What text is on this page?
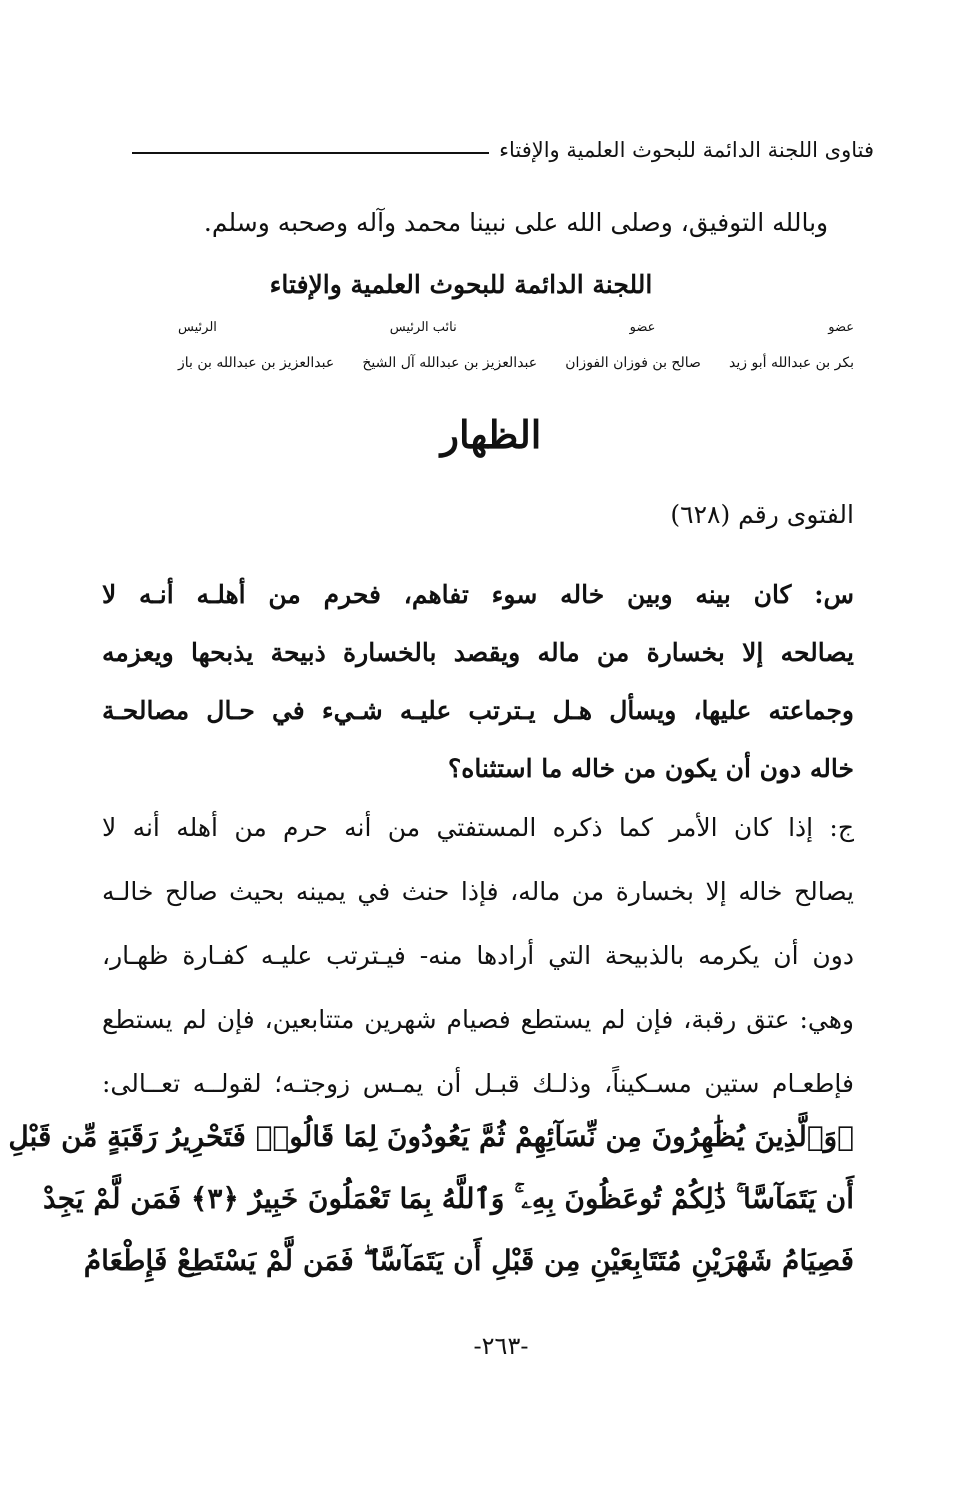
فتاوى اللجنة الدائمة للبحوث العلمية والإفتاء
وبالله التوفيق، وصلى الله على نبينا محمد وآله وصحبه وسلم.
اللجنة الدائمة للبحوث العلمية والإفتاء
عضو
عضو
نائب الرئيس
الرئيس
بكر بن عبدالله أبو زيد
صالح بن فوزان الفوزان
عبدالعزيز بن عبدالله آل الشيخ
عبدالعزيز بن عبدالله بن باز
الظهار
الفتوى رقم (٦٢٨)
س: كان بينه وبين خاله سوء تفاهم، فحرم من أهلـه أنـه لا
يصالحه إلا بخسارة من ماله ويقصد بالخسارة ذبيحة يذبحها ويعزمه
وجماعته عليها، ويسأل هـل يـترتب عليـه شـيء في حـال مصالحـة
خاله دون أن يكون من خاله ما استثناه؟
ج: إذا كان الأمر كما ذكره المستفتي من أنه حرم من أهله أنه لا
يصالح خاله إلا بخسارة من ماله، فإذا حنث في يمينه بحيث صالح خالـه
دون أن يكرمه بالذبيحة التي أرادها منه- فيـترتب عليـه كفـارة ظهـار،
وهي: عتق رقبة، فإن لم يستطع فصيام شهرين متتابعين، فإن لم يستطع
فإطعـام ستين مسـكيناً، وذلـك قبـل أن يمـس زوجتـه؛ لقولــه تعــالى:
﴿وَٱلَّذِينَ يُظَٰهِرُونَ مِن نِّسَآئِهِمْ ثُمَّ يَعُودُونَ لِمَا قَالُوا۟ فَتَحْرِيرُ رَقَبَةٍ مِّن قَبْلِ
أَن يَتَمَآسَّا ۚ ذَٰلِكُمْ تُوعَظُونَ بِهِۦ ۚ وَٱللَّهُ بِمَا تَعْمَلُونَ خَبِيرٌ ﴿٣﴾ فَمَن لَّمْ يَجِدْ
فَصِيَامُ شَهْرَيْنِ مُتَتَابِعَيْنِ مِن قَبْلِ أَن يَتَمَآسَّا ۖ فَمَن لَّمْ يَسْتَطِعْ فَإِطْعَامُ
-٢٦٣-
